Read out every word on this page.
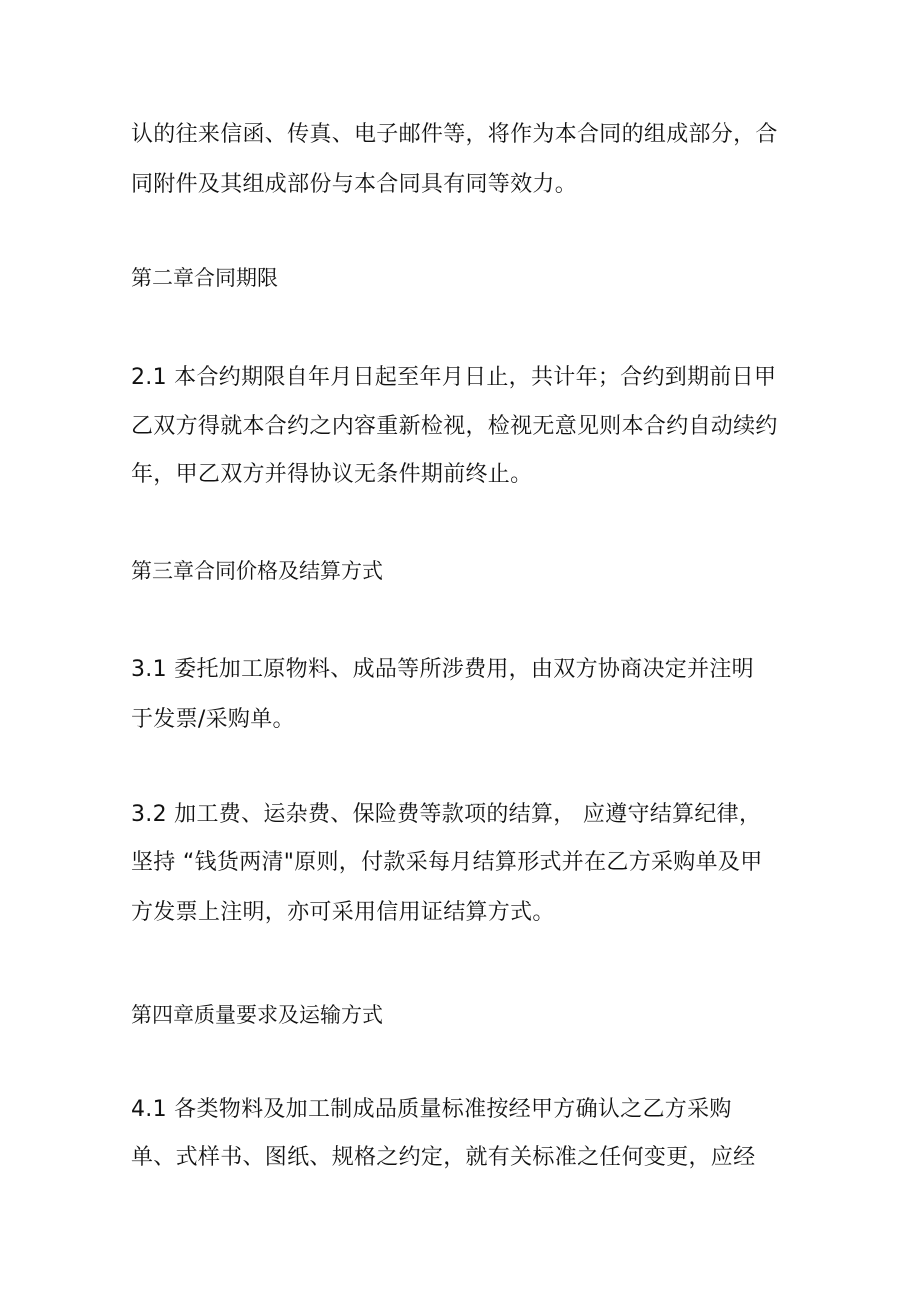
认的往来信函、传真、电子邮件等，将作为本合同的组成部分，合
同附件及其组成部份与本合同具有同等效力。
第二章合同期限
2.1 本合约期限自年月日起至年月日止，共计年；合约到期前日甲
乙双方得就本合约之内容重新检视，检视无意见则本合约自动续约
年，甲乙双方并得协议无条件期前终止。
第三章合同价格及结算方式
3.1 委托加工原物料、成品等所涉费用，由双方协商决定并注明
于发票/采购单。
3.2 加工费、运杂费、保险费等款项的结算， 应遵守结算纪律，
坚持 “钱货两清"原则，付款采每月结算形式并在乙方采购单及甲
方发票上注明，亦可采用信用证结算方式。
第四章质量要求及运输方式
4.1 各类物料及加工制成品质量标准按经甲方确认之乙方采购
单、式样书、图纸、规格之约定，就有关标准之任何变更，应经
